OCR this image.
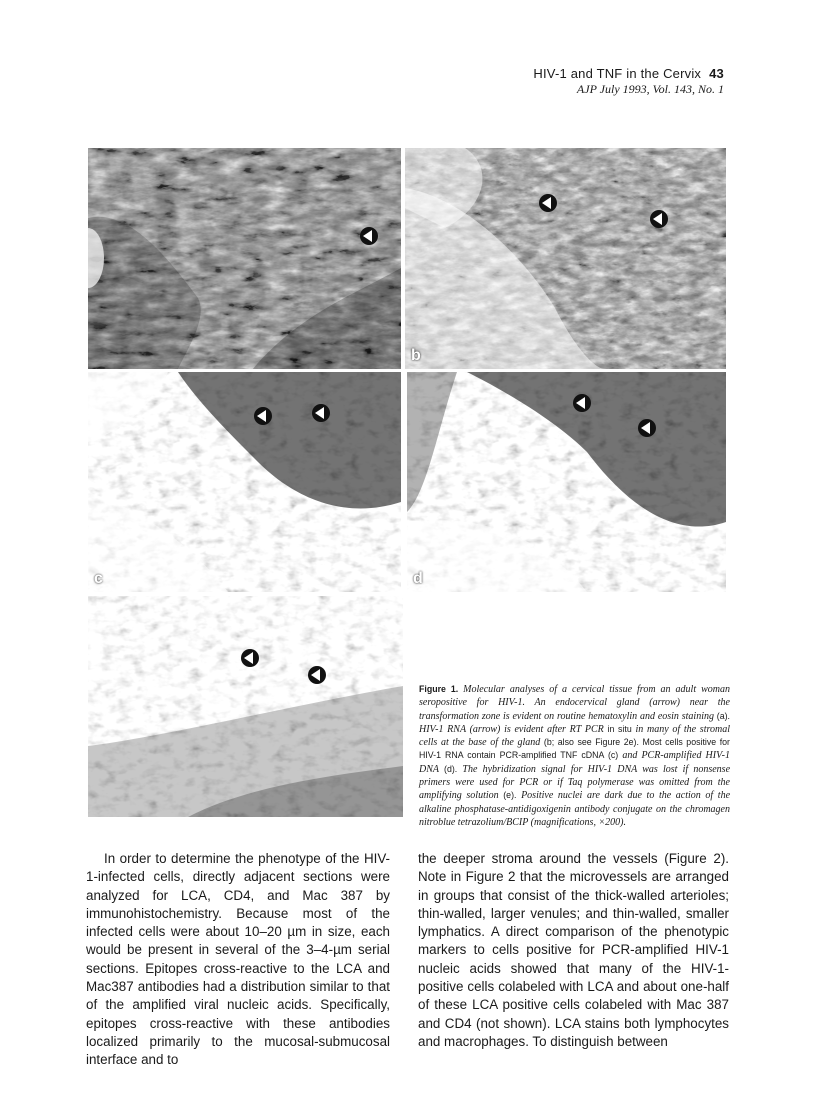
HIV-1 and TNF in the Cervix 43
AJP July 1993, Vol. 143, No. 1
b
c	d
Figure 1. Molecular analyses of a cervical tissue from an adult woman seropositive for HIV-1. An endocervical gland (arrow) near the transformation zone is evident on routine hematoxylin and eosin staining (a). HIV-1 RNA (arrow) is evident after RT PCR in situ in many of the stromal cells at the base of the gland (b; also see Figure 2e). Most cells positive for HIV-1 RNA contain PCR-amplified TNF cDNA (c) and PCR-amplified HIV-1 DNA (d). The hybridization signal for HIV-1 DNA was lost if nonsense primers were used for PCR or if Taq polymerase was omitted from the amplifying solution (e). Positive nuclei are dark due to the action of the alkaline phosphatase-antidigoxigenin antibody conjugate on the chromagen nitroblue tetrazolium/BCIP (magnifications, ×200).
In order to determine the phenotype of the HIV-1-infected cells, directly adjacent sections were analyzed for LCA, CD4, and Mac 387 by immunohistochemistry. Because most of the infected cells were about 10–20 µm in size, each would be present in several of the 3–4-µm serial sections. Epitopes cross-reactive to the LCA and Mac387 antibodies had a distribution similar to that of the amplified viral nucleic acids. Specifically, epitopes cross-reactive with these antibodies localized primarily to the mucosal-submucosal interface and to
the deeper stroma around the vessels (Figure 2). Note in Figure 2 that the microvessels are arranged in groups that consist of the thick-walled arterioles; thin-walled, larger venules; and thin-walled, smaller lymphatics. A direct comparison of the phenotypic markers to cells positive for PCR-amplified HIV-1 nucleic acids showed that many of the HIV-1-positive cells colabeled with LCA and about one-half of these LCA positive cells colabeled with Mac 387 and CD4 (not shown). LCA stains both lymphocytes and macrophages. To distinguish between
